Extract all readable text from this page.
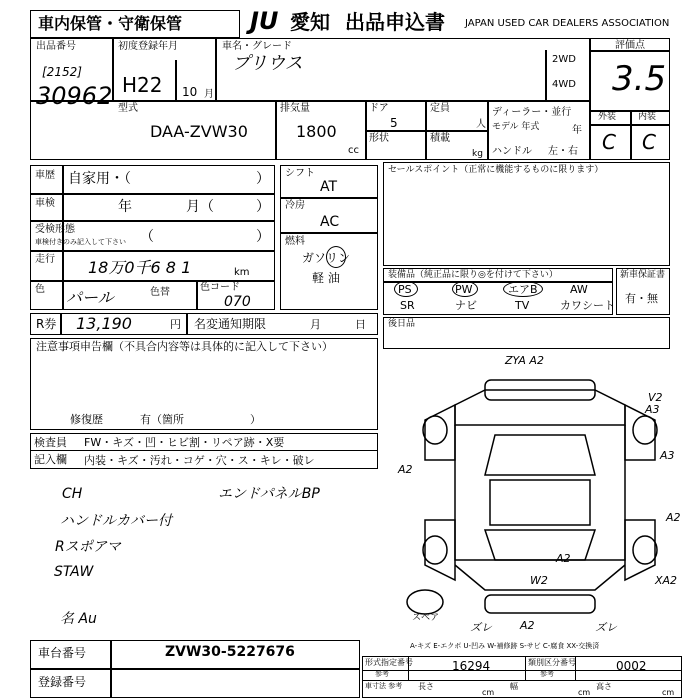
車内保管・守衛保管	JU 愛知 出品申込書 JAPAN USED CAR DEALERS ASSOCIATION
出品番号
[2152]
30962
初度登録年月
H22 10 月
車名・グレード
プリウス	2WD
4WD
評価点
3.5
外装 内装
C C
型式
DAA-ZVW30
排気量
1800
cc
ドア
5
形状
定員
人
積載
kg
ディーラー・並行
モデル 年式	年
ハンドル 左・右
車歴 自家用・（	）
車検	年	月（	）
受検形態
車検付きのみ記入して下さい （	）
走行 18万0千6 8 1	km
色 パール	色替	色コード
070
シフト
AT
冷房
AC
燃料
ガソリン
軽 油
セールスポイント（正常に機能するものに限ります）
装備品（純正品に限り◎を付けて下さい）
PS	PW	エアB	AW
SR	ナビ	TV	カワシート
新車保証書
有・無
R券 13,190	円 名変通知期限	月	日 後日品
注意事項申告欄（不具合内容等は具体的に記入して下さい）
修復歴	有（箇所	）
検査員
記入欄
FW・キズ・凹・ヒビ割・リペア跡・X要
内装・キズ・汚れ・コゲ・穴・ス・キレ・破レ
CH	エンドパネルBP
ハンドルカバー付
Rスポアマ
STAW
名 Au
ZYA A2
V2
A3
A3
A2
A2
A2
W2	XA2
A2
ズレ	ズレ
スペア
A-キズ E-エクボ U-凹み W-補修跡 S-サビ C-腐食 XX-交換済
車台番号	ZVW30-5227676
登録番号
形式指定番号
参考
16294	類別区分番号
参考
0002
車寸法 参考 長さ
cm
幅
cm
高さ
cm
